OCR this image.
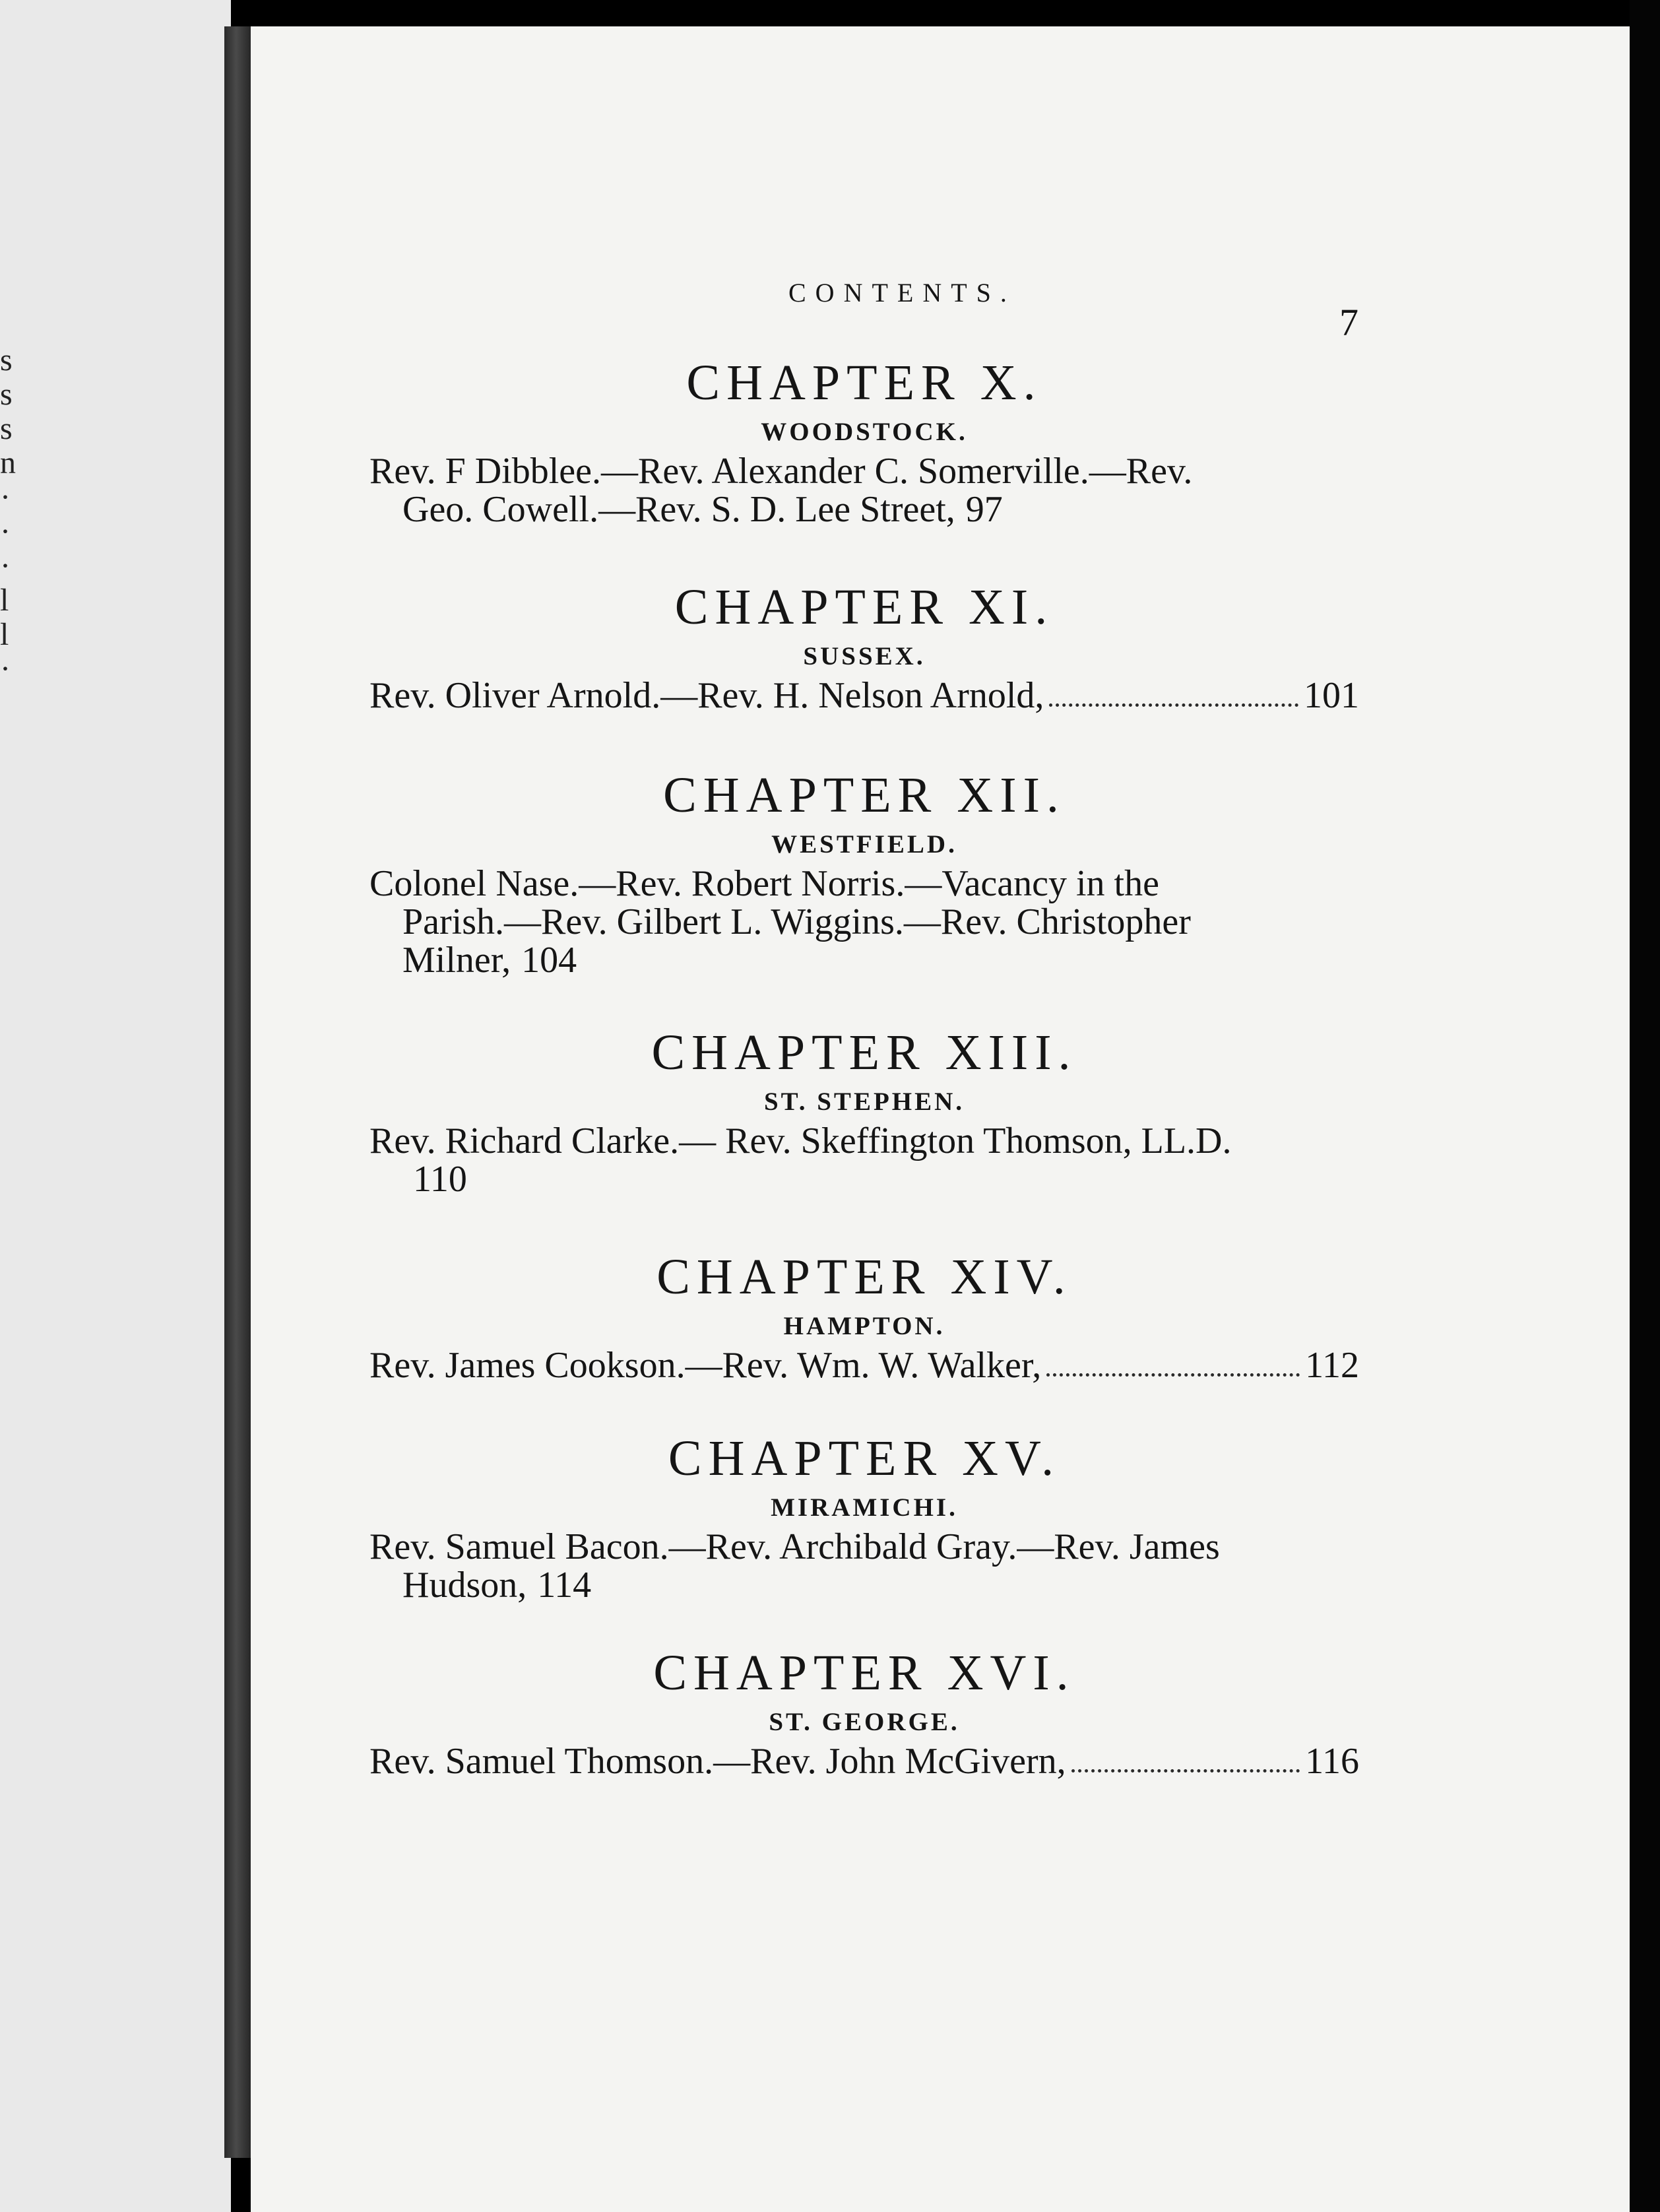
s
s
s
n
·
·
·
l
l
·
CONTENTS.
7
CHAPTER X.
WOODSTOCK.
Rev. F Dibblee.—Rev. Alexander C. Somerville.—Rev.
Geo. Cowell.—Rev. S. D. Lee Street, 97
CHAPTER XI.
SUSSEX.
Rev. Oliver Arnold.—Rev. H. Nelson Arnold,	101
CHAPTER XII.
WESTFIELD.
Colonel Nase.—Rev. Robert Norris.—Vacancy in the
Parish.—Rev. Gilbert L. Wiggins.—Rev. Christopher
Milner, 104
CHAPTER XIII.
ST. STEPHEN.
Rev. Richard Clarke.— Rev. Skeffington Thomson, LL.D.
110
CHAPTER XIV.
HAMPTON.
Rev. James Cookson.—Rev. Wm. W. Walker,	112
CHAPTER XV.
MIRAMICHI.
Rev. Samuel Bacon.—Rev. Archibald Gray.—Rev. James
Hudson, 114
CHAPTER XVI.
ST. GEORGE.
Rev. Samuel Thomson.—Rev. John McGivern,	116
